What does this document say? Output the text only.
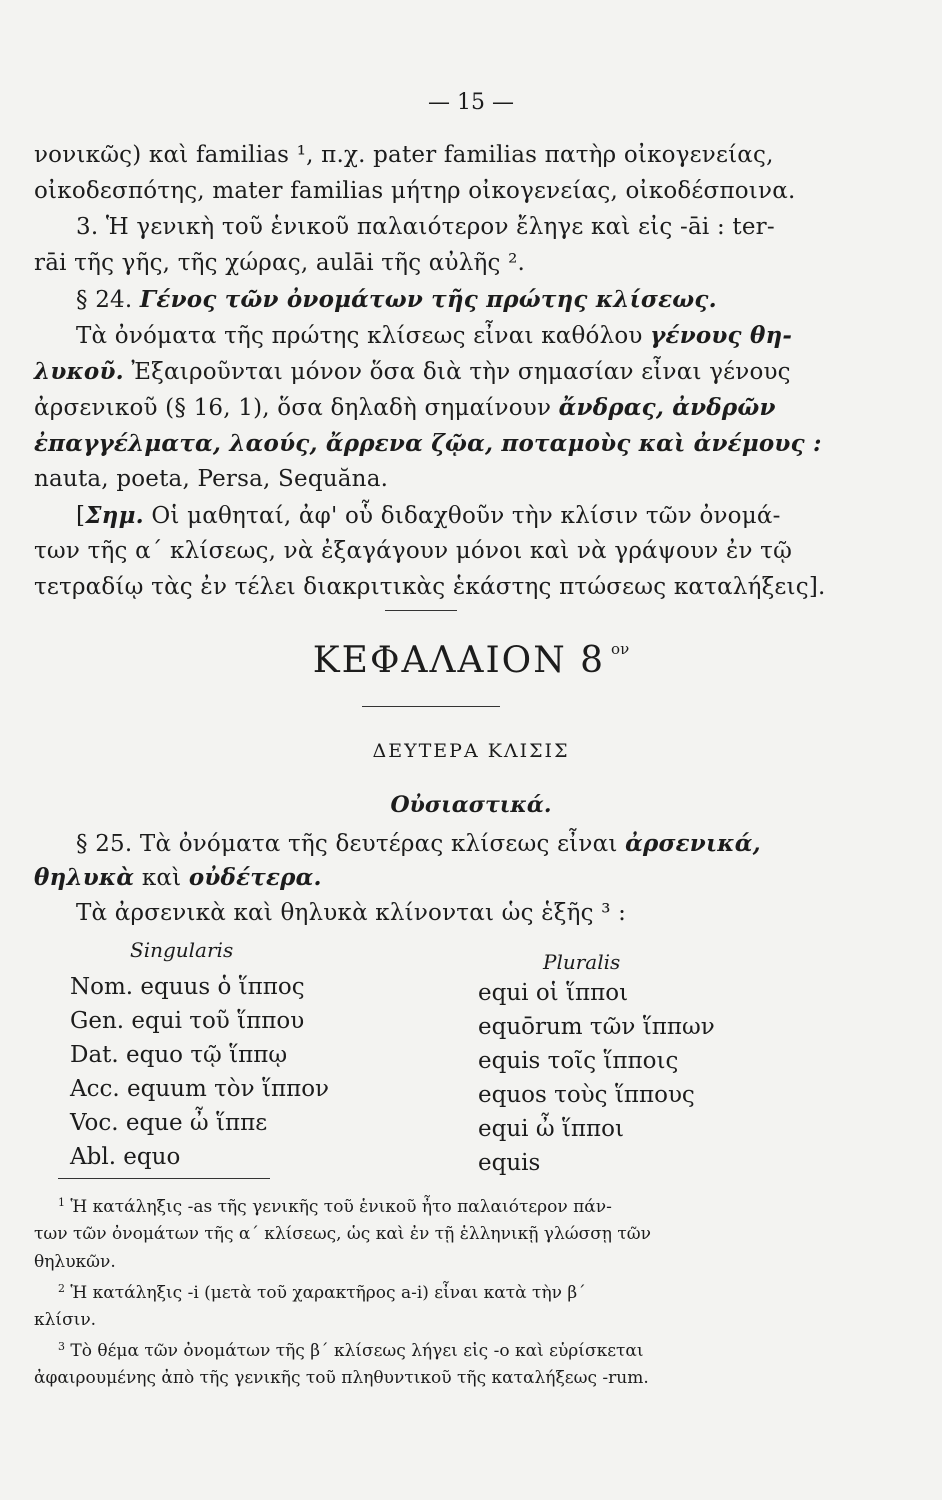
— 15 —
νονικῶς) καὶ familias ¹, π.χ. pater familias πατὴρ οἰκογενείας,
οἰκοδεσπότης, mater familias μήτηρ οἰκογενείας, οἰκοδέσποινα.
3. Ἡ γενικὴ τοῦ ἑνικοῦ παλαιότερον ἔληγε καὶ εἰς -āi : ter-
rāi τῆς γῆς, τῆς χώρας, aulāi τῆς αὐλῆς ².
§ 24. Γένος τῶν ὀνομάτων τῆς πρώτης κλίσεως.
Τὰ ὀνόματα τῆς πρώτης κλίσεως εἶναι καθόλου γένους θη-
λυκοῦ. Ἐξαιροῦνται μόνον ὅσα διὰ τὴν σημασίαν εἶναι γένους
ἀρσενικοῦ (§ 16, 1), ὅσα δηλαδὴ σημαίνουν ἄνδρας, ἀνδρῶν
ἐπαγγέλματα, λαούς, ἄρρενα ζῷα, ποταμοὺς καὶ ἀνέμους :
nauta, poeta, Persa, Sequăna.
[Σημ. Οἱ μαθηταί, ἀφ' οὗ διδαχθοῦν τὴν κλίσιν τῶν ὀνομά-
των τῆς α΄ κλίσεως, νὰ ἐξαγάγουν μόνοι καὶ νὰ γράψουν ἐν τῷ
τετραδίῳ τὰς ἐν τέλει διακριτικὰς ἑκάστης πτώσεως καταλήξεις].
ΚΕΦΑΛΑΙΟΝ 8 $^{o\nu}$
ΔΕΥΤΕΡΑ ΚΛΙΣΙΣ
Οὐσιαστικά.
§ 25. Τὰ ὀνόματα τῆς δευτέρας κλίσεως εἶναι ἀρσενικά,
θηλυκὰ καὶ οὐδέτερα.
Τὰ ἀρσενικὰ καὶ θηλυκὰ κλίνονται ὡς ἑξῆς ³ :
Singularis	Pluralis
Nom. equus ὁ ἵππος
Gen. equi τοῦ ἵππου
Dat. equo τῷ ἵππῳ
Acc. equum τὸν ἵππον
Voc. eque ὦ ἵππε
Abl. equo
equi οἱ ἵπποι
equōrum τῶν ἵππων
equis τοῖς ἵπποις
equos τοὺς ἵππους
equi ὦ ἵπποι
equis
$^1$ Ἡ κατάληξις -as τῆς γενικῆς τοῦ ἑνικοῦ ἦτο παλαιότερον πάν-
των τῶν ὀνομάτων τῆς α΄ κλίσεως, ὡς καὶ ἐν τῇ ἑλληνικῇ γλώσσῃ τῶν
θηλυκῶν.
$^2$ Ἡ κατάληξις -i (μετὰ τοῦ χαρακτῆρος a-i) εἶναι κατὰ τὴν β΄
κλίσιν.
$^3$ Τὸ θέμα τῶν ὀνομάτων τῆς β΄ κλίσεως λήγει εἰς -o καὶ εὑρίσκεται
ἀφαιρουμένης ἀπὸ τῆς γενικῆς τοῦ πληθυντικοῦ τῆς καταλήξεως -rum.
